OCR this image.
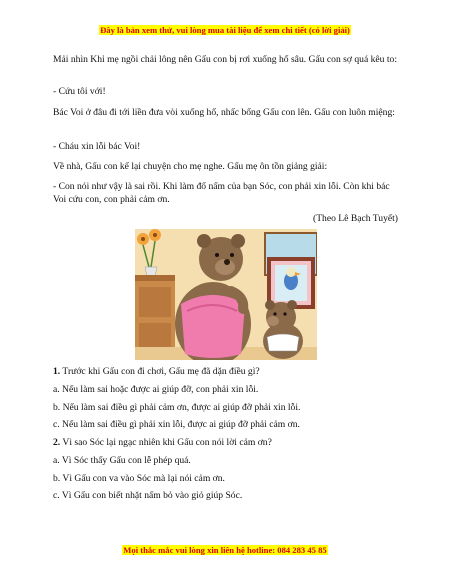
Đây là bản xem thử, vui lòng mua tài liệu để xem chi tiết (có lời giải)

Mải nhìn Khỉ mẹ ngồi chải lông nên Gấu con bị rơi xuống hố sâu. Gấu con sợ quá kêu to:

- Cứu tôi với!

Bác Voi ở đâu đi tới liền đưa vòi xuống hố, nhấc bổng Gấu con lên. Gấu con luôn miệng:

- Cháu xin lỗi bác Voi!

Về nhà, Gấu con kể lại chuyện cho mẹ nghe. Gấu mẹ ôn tồn giảng giải:

- Con nói như vậy là sai rồi. Khi làm đổ nấm của bạn Sóc, con phải xin lỗi. Còn khi bác Voi cứu con, con phải cảm ơn.

(Theo Lê Bạch Tuyết)

1. Trước khi Gấu con đi chơi, Gấu mẹ đã dặn điều gì?

a. Nếu làm sai hoặc được ai giúp đỡ, con phải xin lỗi.

b. Nếu làm sai điều gì phải cảm ơn, được ai giúp đỡ phải xin lỗi.

c. Nếu làm sai điều gì phải xin lỗi, được ai giúp đỡ phải cảm ơn.

2. Vì sao Sóc lại ngạc nhiên khi Gấu con nói lời cảm ơn?

a. Vì Sóc thấy Gấu con lễ phép quá.

b. Vì Gấu con va vào Sóc mà lại nói cảm ơn.

c. Vì Gấu con biết nhặt nấm bỏ vào giỏ giúp Sóc.

Mọi thắc mắc vui lòng xin liên hệ hotline: 084 283 45 85
